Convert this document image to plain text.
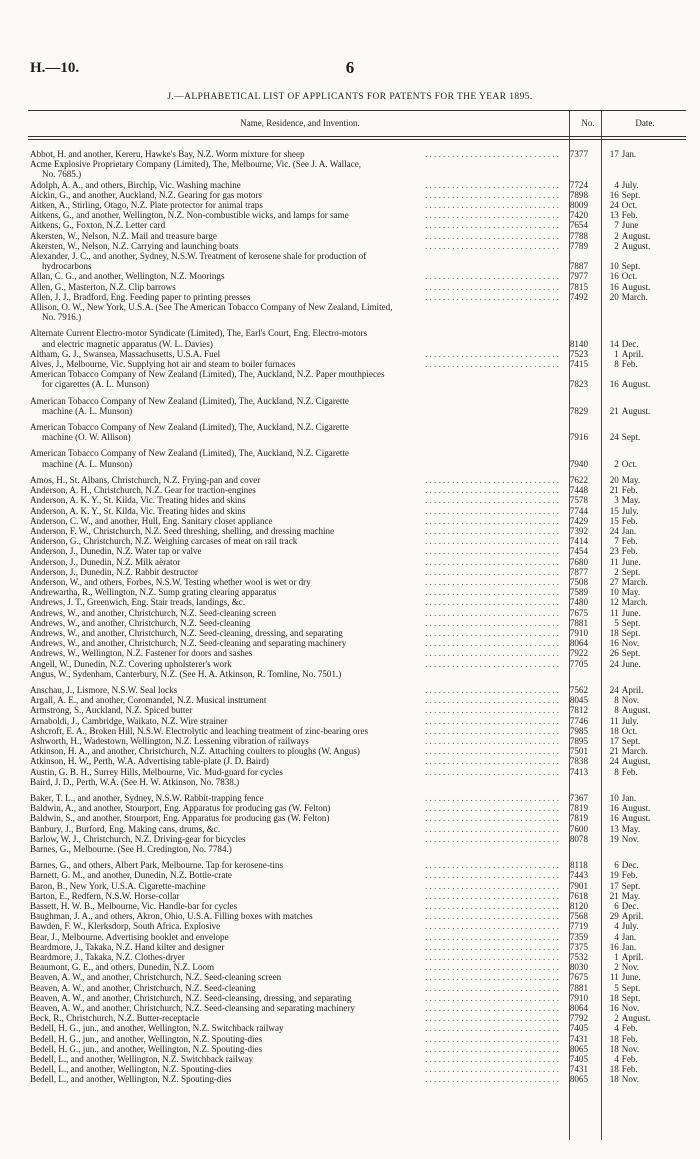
H.—10.	6
J.—ALPHABETICAL LIST OF APPLICANTS FOR PATENTS FOR THE YEAR 1895.
Name, Residence, and Invention.	No.	Date.
Abbot, H. and another, Kereru, Hawke's Bay, N.Z. Worm mixture for sheep . .	7377	17 Jan.
Acme Explosive Proprietary Company (Limited), The, Melbourne, Vic. (See J. A. Wallace,
No. 7685.)
Adolph, A. A., and others, Birchip, Vic. Washing machine . .	7724	4 July.
Aickin, G., and another, Auckland, N.Z. Gearing for gas motors . .	7898	16 Sept.
Aitken, A., Stirling, Otago, N.Z. Plate protector for animal traps . .	8009	24 Oct.
Aitkens, G., and another, Wellington, N.Z. Non-combustible wicks, and lamps for same . .	7420	13 Feb.
Aitkens, G., Foxton, N.Z. Letter card . .	7654	7 June
Akersten, W., Nelson, N.Z. Mail and treasure barge . .	7788	2 August.
Akersten, W., Nelson, N.Z. Carrying and launching boats . .	7789	2 August.
Alexander, J. C., and another, Sydney, N.S.W. Treatment of kerosene shale for production of
hydrocarbons	7887	10 Sept.
Allan, C. G., and another, Wellington, N.Z. Moorings . .	7977	16 Oct.
Allen, G., Masterton, N.Z. Clip barrows . .	7815	16 August.
Allen, J. J., Bradford, Eng. Feeding paper to printing presses . .	7492	20 March.
Allison, O. W., New York, U.S.A. (See The American Tobacco Company of New Zealand, Limited,
No. 7916.)
Alternate Current Electro-motor Syndicate (Limited), The, Earl's Court, Eng. Electro-motors
and electric magnetic apparatus (W. L. Davies)	8140	14 Dec.
Altham, G. J., Swansea, Massachusetts, U.S.A. Fuel . .	7523	1 April.
Alves, J., Melbourne, Vic. Supplying hot air and steam to boiler furnaces . .	7415	8 Feb.
American Tobacco Company of New Zealand (Limited), The, Auckland, N.Z. Paper mouthpieces
for cigarettes (A. L. Munson)	7823	16 August.
American Tobacco Company of New Zealand (Limited), The, Auckland, N.Z. Cigarette
machine (A. L. Munson)	7829	21 August.
American Tobacco Company of New Zealand (Limited), The, Auckland, N.Z. Cigarette
machine (O. W. Allison)	7916	24 Sept.
American Tobacco Company of New Zealand (Limited), The, Auckland, N.Z. Cigarette
machine (A. L. Munson)	7940	2 Oct.
Amos, H., St. Albans, Christchurch, N.Z. Frying-pan and cover . .	7622	20 May.
Anderson, A. H., Christchurch, N.Z. Gear for traction-engines . .	7448	21 Feb.
Anderson, A. K. Y., St. Kilda, Vic. Treating hides and skins . .	7578	3 May.
Anderson, A. K. Y., St. Kilda, Vic. Treating hides and skins . .	7744	15 July.
Anderson, C. W., and another, Hull, Eng. Sanitary closet appliance . .	7429	15 Feb.
Anderson, F. W., Christchurch, N.Z. Seed threshing, shelling, and dressing machine . .	7392	24 Jan.
Anderson, G., Christchurch, N.Z. Weighing carcases of meat on rail track . .	7414	7 Feb.
Anderson, J., Dunedin, N.Z. Water tap or valve . .	7454	23 Feb.
Anderson, J., Dunedin, N.Z. Milk aërator . .	7680	11 June.
Anderson, J., Dunedin, N.Z. Rabbit destructor . .	7877	2 Sept.
Anderson, W., and others, Forbes, N.S.W. Testing whether wool is wet or dry . .	7508	27 March.
Andrewartha, R., Wellington, N.Z. Sump grating clearing apparatus . .	7589	10 May.
Andrews, J. T., Greenwich, Eng. Stair treads, landings, &c. . .	7480	12 March.
Andrews, W., and another, Christchurch, N.Z. Seed-cleaning screen . .	7675	11 June.
Andrews, W., and another, Christchurch, N.Z. Seed-cleaning . .	7881	5 Sept.
Andrews, W., and another, Christchurch, N.Z. Seed-cleaning, dressing, and separating . .	7910	18 Sept.
Andrews, W., and another, Christchurch, N.Z. Seed-cleaning and separating machinery . .	8064	16 Nov.
Andrews, W., Wellington, N.Z. Fastener for doors and sashes . .	7922	26 Sept.
Angell, W., Dunedin, N.Z. Covering upholsterer's work . .	7705	24 June.
Angus, W., Sydenham, Canterbury, N.Z. (See H. A. Atkinson, R. Tomline, No. 7501.)
Anschau, J., Lismore, N.S.W. Seal locks . .	7562	24 April.
Argall, A. E., and another, Coromandel, N.Z. Musical instrument . .	8045	8 Nov.
Armstrong, S., Auckland, N.Z. Spiced butter . .	7812	8 August.
Arnaboldi, J., Cambridge, Waikato, N.Z. Wire strainer . .	7746	11 July.
Ashcroft, E. A., Broken Hill, N.S.W. Electrolytic and leaching treatment of zinc-bearing ores . .	7985	18 Oct.
Ashworth, H., Wadestown, Wellington, N.Z. Lessening vibration of railways . .	7895	17 Sept.
Atkinson, H. A., and another, Christchurch, N.Z. Attaching coulters to ploughs (W. Angus) . .	7501	21 March.
Atkinson, H. W., Perth, W.A. Advertising table-plate (J. D. Baird) . .	7838	24 August.
Austin, G. B. H., Surrey Hills, Melbourne, Vic. Mud-guard for cycles . .	7413	8 Feb.
Baird, J. D., Perth, W.A. (See H. W. Atkinson, No. 7838.)
Baker, T. L., and another, Sydney, N.S.W. Rabbit-trapping fence . .	7367	10 Jan.
Baldwin, A., and another, Stourport, Eng. Apparatus for producing gas (W. Felton) . .	7819	16 August.
Baldwin, S., and another, Stourport, Eng. Apparatus for producing gas (W. Felton) . .	7819	16 August.
Banbury, J., Burford, Eng. Making cans, drums, &c. . .	7600	13 May.
Barlow, W. J., Christchurch, N.Z. Driving-gear for bicycles . .	8078	19 Nov.
Barnes, G., Melbourne. (See H. Credington, No. 7784.)
Barnes, G., and others, Albert Park, Melbourne. Tap for kerosene-tins . .	8118	6 Dec.
Barnett, G. M., and another, Dunedin, N.Z. Bottle-crate . .	7443	19 Feb.
Baron, B., New York, U.S.A. Cigarette-machine . .	7901	17 Sept.
Barton, E., Redfern, N.S.W. Horse-collar . .	7618	21 May.
Bassett, H. W. B., Melbourne, Vic. Handle-bar for cycles . .	8120	6 Dec.
Baughman, J. A., and others, Akron, Ohio, U.S.A. Filling boxes with matches . .	7568	29 April.
Bawden, F. W., Klerksdorp, South Africa. Explosive . .	7719	4 July.
Bear, J., Melbourne. Advertising booklet and envelope . .	7359	4 Jan.
Beardmore, J., Takaka, N.Z. Hand kilter and designer . .	7375	16 Jan.
Beardmore, J., Takaka, N.Z. Clothes-dryer . .	7532	1 April.
Beaumont, G. E., and others, Dunedin, N.Z. Loom . .	8030	2 Nov.
Beaven, A. W., and another, Christchurch, N.Z. Seed-cleaning screen . .	7675	11 June.
Beaven, A. W., and another, Christchurch, N.Z. Seed-cleaning . .	7881	5 Sept.
Beaven, A. W., and another, Christchurch, N.Z. Seed-cleansing, dressing, and separating . .	7910	18 Sept.
Beaven, A. W., and another, Christchurch, N.Z. Seed-cleansing and separating machinery . .	8064	16 Nov.
Beck, R., Christchurch, N.Z. Butter-receptacle . .	7792	2 August.
Bedell, H. G., jun., and another, Wellington, N.Z. Switchback railway . .	7405	4 Feb.
Bedell, H. G., jun., and another, Wellington, N.Z. Spouting-dies . .	7431	18 Feb.
Bedell, H. G., jun., and another, Wellington, N.Z. Spouting-dies . .	8065	18 Nov.
Bedell, L., and another, Wellington, N.Z. Switchback railway . .	7405	4 Feb.
Bedell, L., and another, Wellington, N.Z. Spouting-dies . .	7431	18 Feb.
Bedell, L., and another, Wellington, N.Z. Spouting-dies . .	8065	18 Nov.
